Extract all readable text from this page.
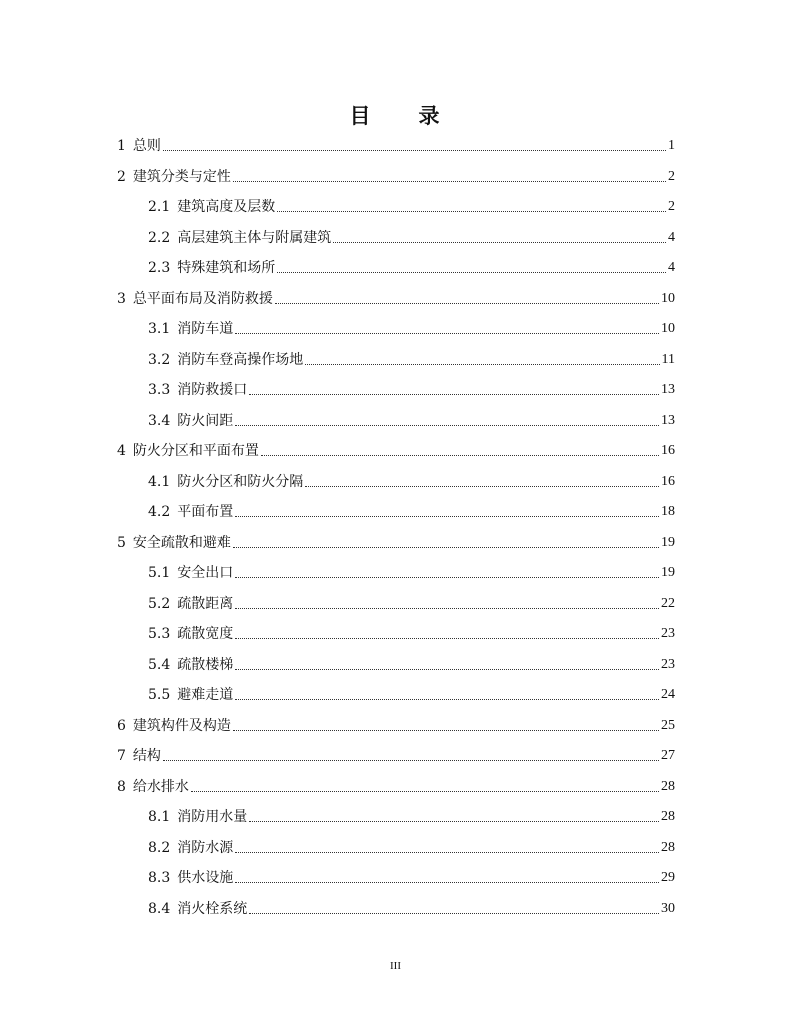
目　　录
1 总则	1
2 建筑分类与定性	2
2.1 建筑高度及层数	2
2.2 高层建筑主体与附属建筑	4
2.3 特殊建筑和场所	4
3 总平面布局及消防救援	10
3.1 消防车道	10
3.2 消防车登高操作场地	11
3.3 消防救援口	13
3.4 防火间距	13
4 防火分区和平面布置	16
4.1 防火分区和防火分隔	16
4.2 平面布置	18
5 安全疏散和避难	19
5.1 安全出口	19
5.2 疏散距离	22
5.3 疏散宽度	23
5.4 疏散楼梯	23
5.5 避难走道	24
6 建筑构件及构造	25
7 结构	27
8 给水排水	28
8.1 消防用水量	28
8.2 消防水源	28
8.3 供水设施	29
8.4 消火栓系统	30
III
